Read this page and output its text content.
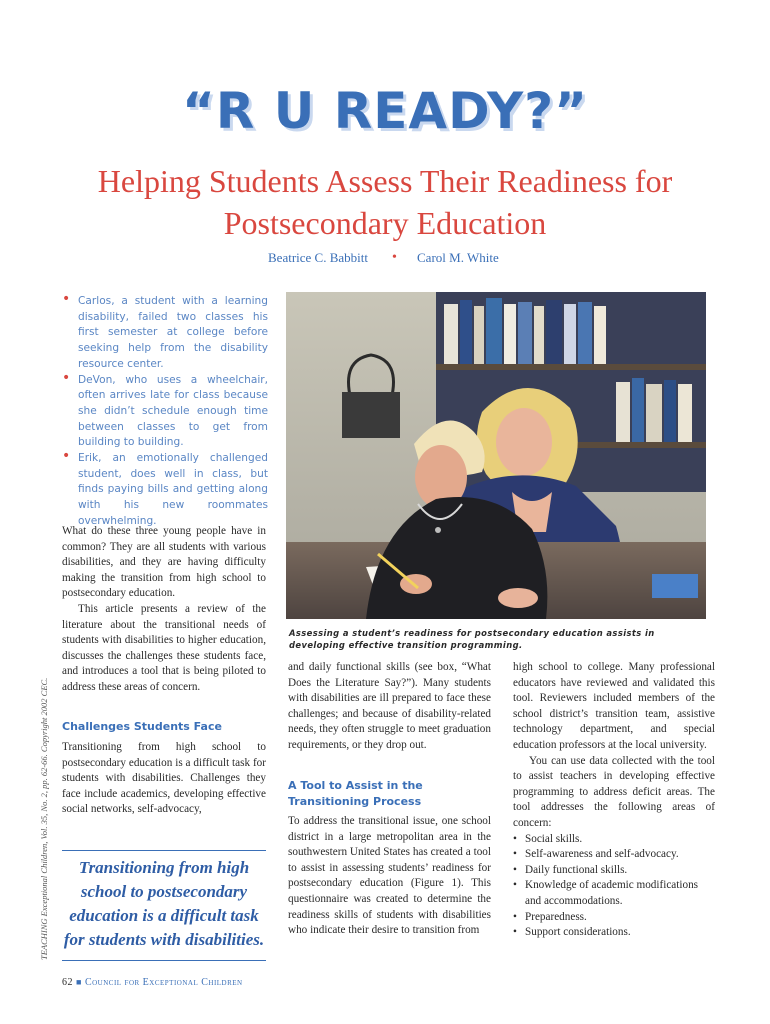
“R U READY?”
Helping Students Assess Their Readiness for Postsecondary Education
Beatrice C. Babbitt • Carol M. White
• Carlos, a student with a learning disability, failed two classes his first semester at college before seeking help from the disability resource center.
• DeVon, who uses a wheelchair, often arrives late for class because she didn’t schedule enough time between classes to get from building to building.
• Erik, an emotionally challenged student, does well in class, but finds paying bills and getting along with his new roommates overwhelming.

What do these three young people have in common? They are all students with various disabilities, and they are having difficulty making the transition from high school to postsecondary education.

This article presents a review of the literature about the transitional needs of students with disabilities to higher education, discusses the challenges these students face, and introduces a tool that is being piloted to address these areas of concern.

Challenges Students Face
Transitioning from high school to postsecondary education is a difficult task for students with disabilities. Challenges they face include academics, developing effective social networks, self-advocacy,
Transitioning from high school to postsecondary education is a difficult task for students with disabilities.
62 ■ Council for Exceptional Children
TEACHING Exceptional Children, Vol. 35, No. 2, pp. 62-66. Copyright 2002 CEC.
Assessing a student’s readiness for postsecondary education assists in developing effective transition programming.
and daily functional skills (see box, “What Does the Literature Say?”). Many students with disabilities are ill prepared to face these challenges; and because of disability-related needs, they often struggle to meet graduation requirements, or they drop out.
A Tool to Assist in the Transitioning Process
To address the transitional issue, one school district in a large metropolitan area in the southwestern United States has created a tool to assist in assessing students’ readiness for postsecondary education (Figure 1). This questionnaire was created to determine the readiness skills of students with disabilities who indicate their desire to transition from

high school to college. Many professional educators have reviewed and validated this tool. Reviewers included members of the school district’s transition team, assistive technology department, and special education professors at the local university.

You can use data collected with the tool to assist teachers in developing effective programming to address deficit areas. The tool addresses the following areas of concern:

• Social skills.
• Self-awareness and self-advocacy.
• Daily functional skills.
• Knowledge of academic modifications and accommodations.
• Preparedness.
• Support considerations.
